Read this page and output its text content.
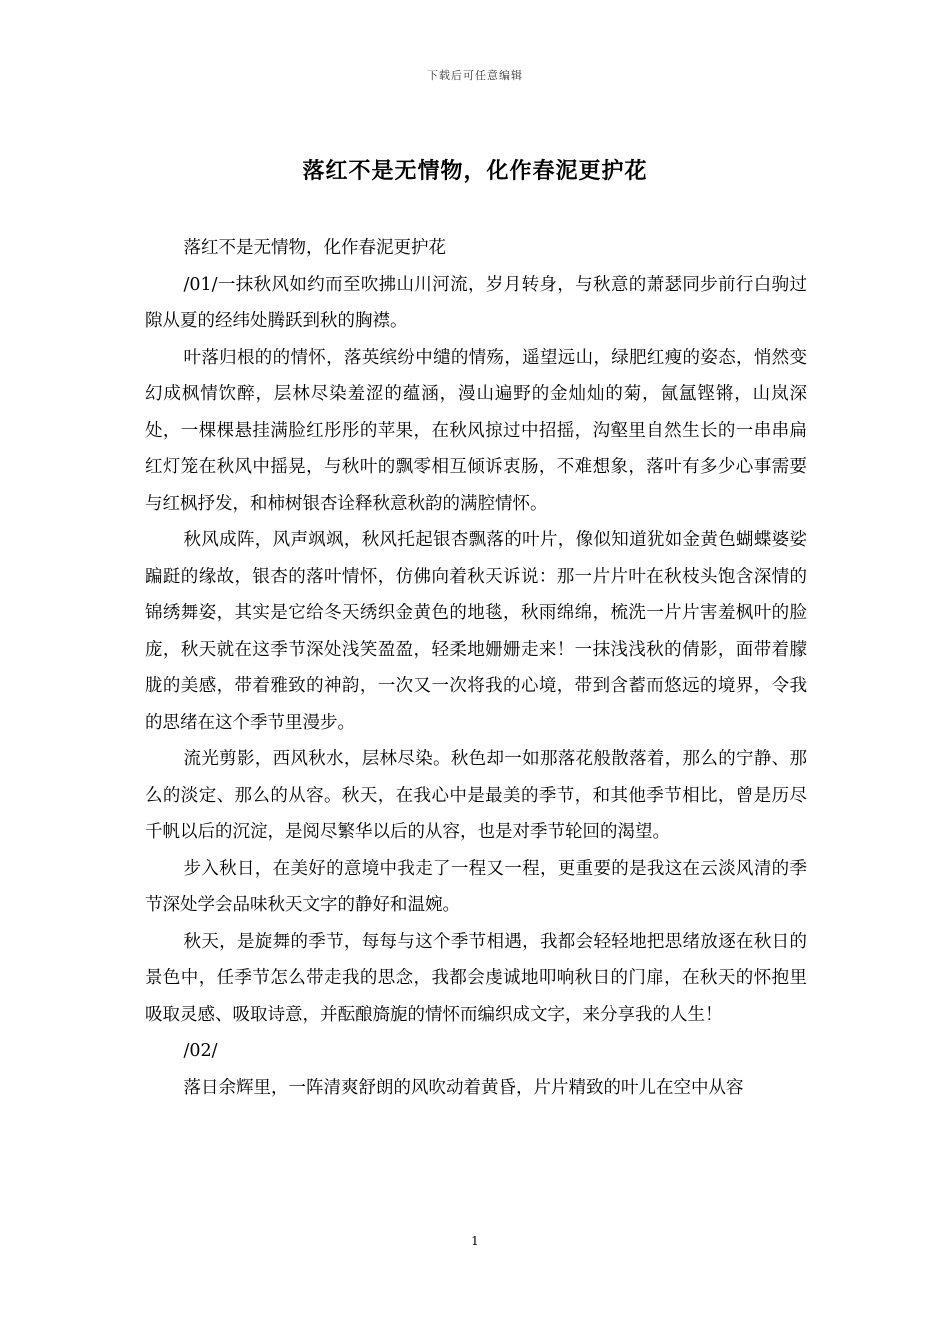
下载后可任意编辑
落红不是无情物，化作春泥更护花

落红不是无情物，化作春泥更护花

/01/一抹秋风如约而至吹拂山川河流，岁月转身，与秋意的萧瑟同步前行白驹过隙从夏的经纬处腾跃到秋的胸襟。

叶落归根的的情怀，落英缤纷中缱的情殇，遥望远山，绿肥红瘦的姿态，悄然变幻成枫情饮醉，层林尽染羞涩的蕴涵，漫山遍野的金灿灿的菊，氤氲铿锵，山岚深处，一棵棵悬挂满脸红彤彤的苹果，在秋风掠过中招摇，沟壑里自然生长的一串串扁红灯笼在秋风中摇晃，与秋叶的飘零相互倾诉衷肠，不难想象，落叶有多少心事需要与红枫抒发，和柿树银杏诠释秋意秋韵的满腔情怀。

秋风成阵，风声飒飒，秋风托起银杏飘落的叶片，像似知道犹如金黄色蝴蝶婆娑蹁跹的缘故，银杏的落叶情怀，仿佛向着秋天诉说：那一片片叶在秋枝头饱含深情的锦绣舞姿，其实是它给冬天绣织金黄色的地毯，秋雨绵绵，梳洗一片片害羞枫叶的脸庞，秋天就在这季节深处浅笑盈盈，轻柔地姗姗走来！一抹浅浅秋的倩影，面带着朦胧的美感，带着雅致的神韵，一次又一次将我的心境，带到含蓄而悠远的境界，令我的思绪在这个季节里漫步。

流光剪影，西风秋水，层林尽染。秋色却一如那落花般散落着，那么的宁静、那么的淡定、那么的从容。秋天，在我心中是最美的季节，和其他季节相比，曾是历尽千帆以后的沉淀，是阅尽繁华以后的从容，也是对季节轮回的渴望。

步入秋日，在美好的意境中我走了一程又一程，更重要的是我这在云淡风清的季节深处学会品味秋天文字的静好和温婉。

秋天，是旋舞的季节，每每与这个季节相遇，我都会轻轻地把思绪放逐在秋日的景色中，任季节怎么带走我的思念，我都会虔诚地叩响秋日的门扉，在秋天的怀抱里吸取灵感、吸取诗意，并酝酿旖旎的情怀而编织成文字，来分享我的人生！

/02/

落日余辉里，一阵清爽舒朗的风吹动着黄昏，片片精致的叶儿在空中从容

1
